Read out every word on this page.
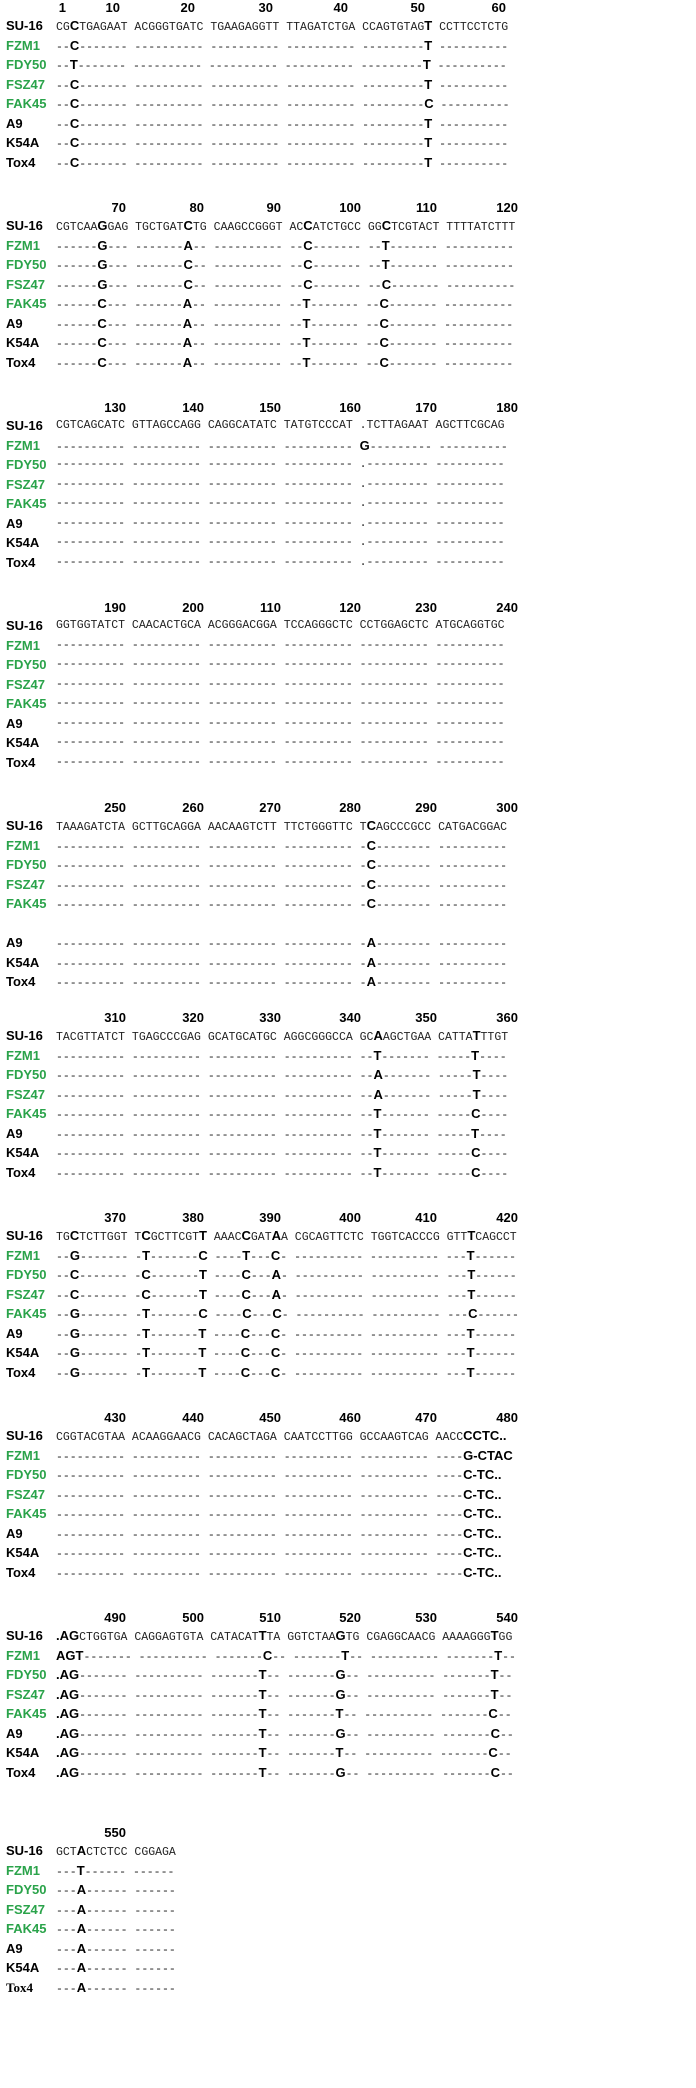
1	10	20	30	40	50	60
SU-16 CGCTGAGAAT ACGGGTGATC TGAAGAGGTT TTAGATCTGA CCAGTGTAGT CCTTCCTCTG
FZM1 --C------- ---------- ---------- ---------- ---------T ----------
FDY50 --T------- ---------- ---------- ---------- ---------T ----------
FSZ47 --C------- ---------- ---------- ---------- ---------T ----------
FAK45 --C------- ---------- ---------- ---------- ---------C ----------
A9	--C------- ---------- ---------- ---------- ---------T ----------
K54A --C------- ---------- ---------- ---------- ---------T ----------
Tox4 --C------- ---------- ---------- ---------- ---------T ----------
70	80	90	100	110	120
SU-16 CGTCAAGGAG TGCTGATCTG CAAGCCGGGT ACCATCTGCC GGCTCGTACT TTTTATCTTT
FZM1 ------G--- -------A-- ---------- --C------- --T------- ----------
FDY50 ------G--- -------C-- ---------- --C------- --T------- ----------
FSZ47 ------G--- -------C-- ---------- --C------- --C------- ----------
FAK45 ------C--- -------A-- ---------- --T------- --C------- ----------
A9	------C--- -------A-- ---------- --T------- --C------- ----------
K54A ------C--- -------A-- ---------- --T------- --C------- ----------
Tox4 ------C--- -------A-- ---------- --T------- --C------- ----------
130	140	150	160	170	180
SU-16 CGTCAGCATC GTTAGCCAGG CAGGCATATC TATGTCCCAT .TCTTAGAAT AGCTTCGCAG
FZM1 ---------- ---------- ---------- ---------- G--------- ----------
FDY50 ---------- ---------- ---------- ---------- .--------- ----------
FSZ47 ---------- ---------- ---------- ---------- .--------- ----------
FAK45 ---------- ---------- ---------- ---------- .--------- ----------
A9	---------- ---------- ---------- ---------- .--------- ----------
K54A ---------- ---------- ---------- ---------- .--------- ----------
Tox4 ---------- ---------- ---------- ---------- .--------- ----------
190	200	110	120	230	240
SU-16 GGTGGTATCT CAACACTGCA ACGGGACGGA TCCAGGGCTC CCTGGAGCTC ATGCAGGTGC
FZM1 ---------- ---------- ---------- ---------- ---------- ----------
FDY50 ---------- ---------- ---------- ---------- ---------- ----------
FSZ47 ---------- ---------- ---------- ---------- ---------- ----------
FAK45 ---------- ---------- ---------- ---------- ---------- ----------
A9	---------- ---------- ---------- ---------- ---------- ----------
K54A ---------- ---------- ---------- ---------- ---------- ----------
Tox4 ---------- ---------- ---------- ---------- ---------- ----------
250	260	270	280	290	300
SU-16 TAAAGATCTA GCTTGCAGGA AACAAGTCTT TTCTGGGTTC TCAGCCCGCC CATGACGGAC
FZM1 ---------- ---------- ---------- ---------- -C-------- ----------
FDY50 ---------- ---------- ---------- ---------- -C-------- ----------
FSZ47 ---------- ---------- ---------- ---------- -C-------- ----------
FAK45 ---------- ---------- ---------- ---------- -C-------- ----------
A9	---------- ---------- ---------- ---------- -A-------- ----------
K54A ---------- ---------- ---------- ---------- -A-------- ----------
Tox4 ---------- ---------- ---------- ---------- -A-------- ----------
310	320	330	340	350	360
SU-16 TACGTTATCT TGAGCCCGAG GCATGCATGC AGGCGGGCCA GCAAGCTGAA CATTATTTGT
FZM1 ---------- ---------- ---------- ---------- --T------- -----T----
FDY50 ---------- ---------- ---------- ---------- --A------- -----T----
FSZ47 ---------- ---------- ---------- ---------- --A------- -----T----
FAK45 ---------- ---------- ---------- ---------- --T------- -----C----
A9	---------- ---------- ---------- ---------- --T------- -----T----
K54A ---------- ---------- ---------- ---------- --T------- -----C----
Tox4 ---------- ---------- ---------- ---------- --T------- -----C----
370	380	390	400	410	420
SU-16 TGCTCTTGGT TCGCTTCGTT AAACCGATAA CGCAGTTCTC TGGTCACCCG GTTTCAGCCT
FZM1 --G------- -T-------C ----T---C- ---------- ---------- ---T------
FDY50 --C------- -C-------T ----C---A- ---------- ---------- ---T------
FSZ47 --C------- -C-------T ----C---A- ---------- ---------- ---T------
FAK45 --G------- -T-------C ----C---C- ---------- ---------- ---C------
A9	--G------- -T-------T ----C---C- ---------- ---------- ---T------
K54A --G------- -T-------T ----C---C- ---------- ---------- ---T------
Tox4 --G------- -T-------T ----C---C- ---------- ---------- ---T------
430	440	450	460	470	480
SU-16 CGGTACGTAA ACAAGGAACG CACAGCTAGA CAATCCTTGG GCCAAGTCAG AACCCCTC..
FZM1 ---------- ---------- ---------- ---------- ---------- ----G-CTAC
FDY50 ---------- ---------- ---------- ---------- ---------- ----C-TC..
FSZ47 ---------- ---------- ---------- ---------- ---------- ----C-TC..
FAK45 ---------- ---------- ---------- ---------- ---------- ----C-TC..
A9	---------- ---------- ---------- ---------- ---------- ----C-TC..
K54A ---------- ---------- ---------- ---------- ---------- ----C-TC..
Tox4 ---------- ---------- ---------- ---------- ---------- ----C-TC..
490	500	510	520	530	540
SU-16 .AGCTGGTGA CAGGAGTGTA CATACATTTA GGTCTAAGTG CGAGGCAACG AAAAGGGTGG
FZM1 AGT------- ---------- -------C-- -------T-- ---------- -------T--
FDY50 .AG------- ---------- -------T-- -------G-- ---------- -------T--
FSZ47 .AG------- ---------- -------T-- -------G-- ---------- -------T--
FAK45 .AG------- ---------- -------T-- -------T-- ---------- -------C--
A9	.AG------- ---------- -------T-- -------G-- ---------- -------C--
K54A .AG------- ---------- -------T-- -------T-- ---------- -------C--
Tox4 .AG------- ---------- -------T-- -------G-- ---------- -------C--
550
SU-16 GCTACTCTCC CGGAGA
FZM1 ---T------ ------
FDY50 ---A------ ------
FSZ47 ---A------ ------
FAK45 ---A------ ------
A9	---A------ ------
K54A ---A------ ------
Tox4 ---A------ ------
